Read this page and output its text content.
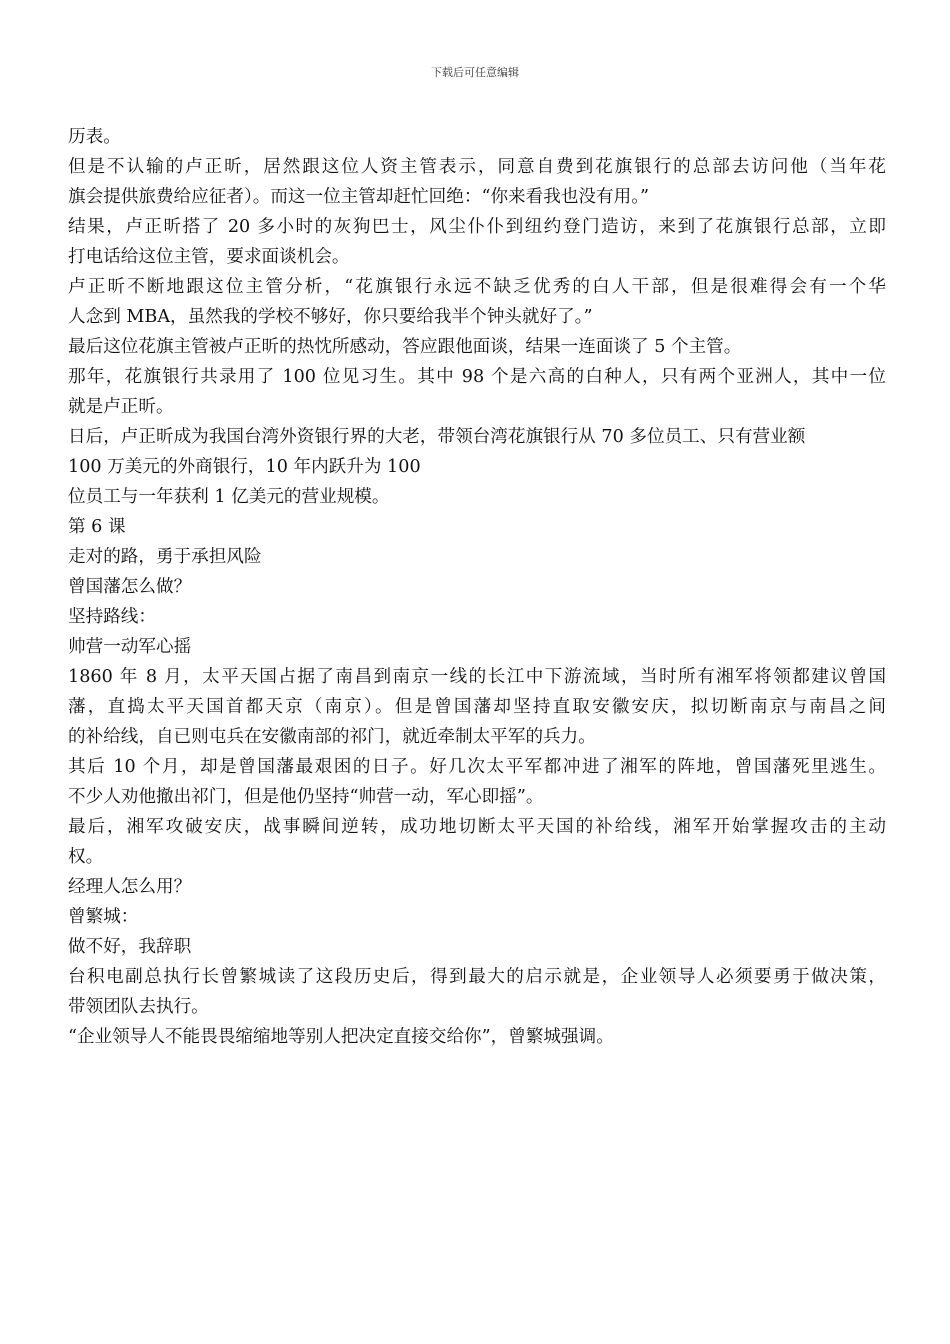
下载后可任意编辑
历表。
但是不认输的卢正昕，居然跟这位人资主管表示，同意自费到花旗银行的总部去访问他（当年花
旗会提供旅费给应征者）。而这一位主管却赶忙回绝：“你来看我也没有用。”
结果，卢正昕搭了 20 多小时的灰狗巴士，风尘仆仆到纽约登门造访，来到了花旗银行总部，立即
打电话给这位主管，要求面谈机会。
卢正昕不断地跟这位主管分析，“花旗银行永远不缺乏优秀的白人干部，但是很难得会有一个华
人念到 MBA，虽然我的学校不够好，你只要给我半个钟头就好了。”
最后这位花旗主管被卢正昕的热忱所感动，答应跟他面谈，结果一连面谈了 5 个主管。
那年，花旗银行共录用了 100 位见习生。其中 98 个是六高的白种人，只有两个亚洲人，其中一位
就是卢正昕。
日后，卢正昕成为我国台湾外资银行界的大老，带领台湾花旗银行从 70 多位员工、只有营业额
100 万美元的外商银行，10 年内跃升为 100
位员工与一年获利 1 亿美元的营业规模。
第 6 课
走对的路，勇于承担风险
曾国藩怎么做？
坚持路线：
帅营一动军心摇
1860 年 8 月，太平天国占据了南昌到南京一线的长江中下游流域，当时所有湘军将领都建议曾国
藩，直捣太平天国首都天京（南京）。但是曾国藩却坚持直取安徽安庆，拟切断南京与南昌之间
的补给线，自已则屯兵在安徽南部的祁门，就近牵制太平军的兵力。
其后 10 个月，却是曾国藩最艰困的日子。好几次太平军都冲进了湘军的阵地，曾国藩死里逃生。
不少人劝他撤出祁门，但是他仍坚持“帅营一动，军心即摇”。
最后，湘军攻破安庆，战事瞬间逆转，成功地切断太平天国的补给线，湘军开始掌握攻击的主动
权。
经理人怎么用？
曾繁城：
做不好，我辞职
台积电副总执行长曾繁城读了这段历史后，得到最大的启示就是，企业领导人必须要勇于做决策，
带领团队去执行。
“企业领导人不能畏畏缩缩地等别人把决定直接交给你”，曾繁城强调。
